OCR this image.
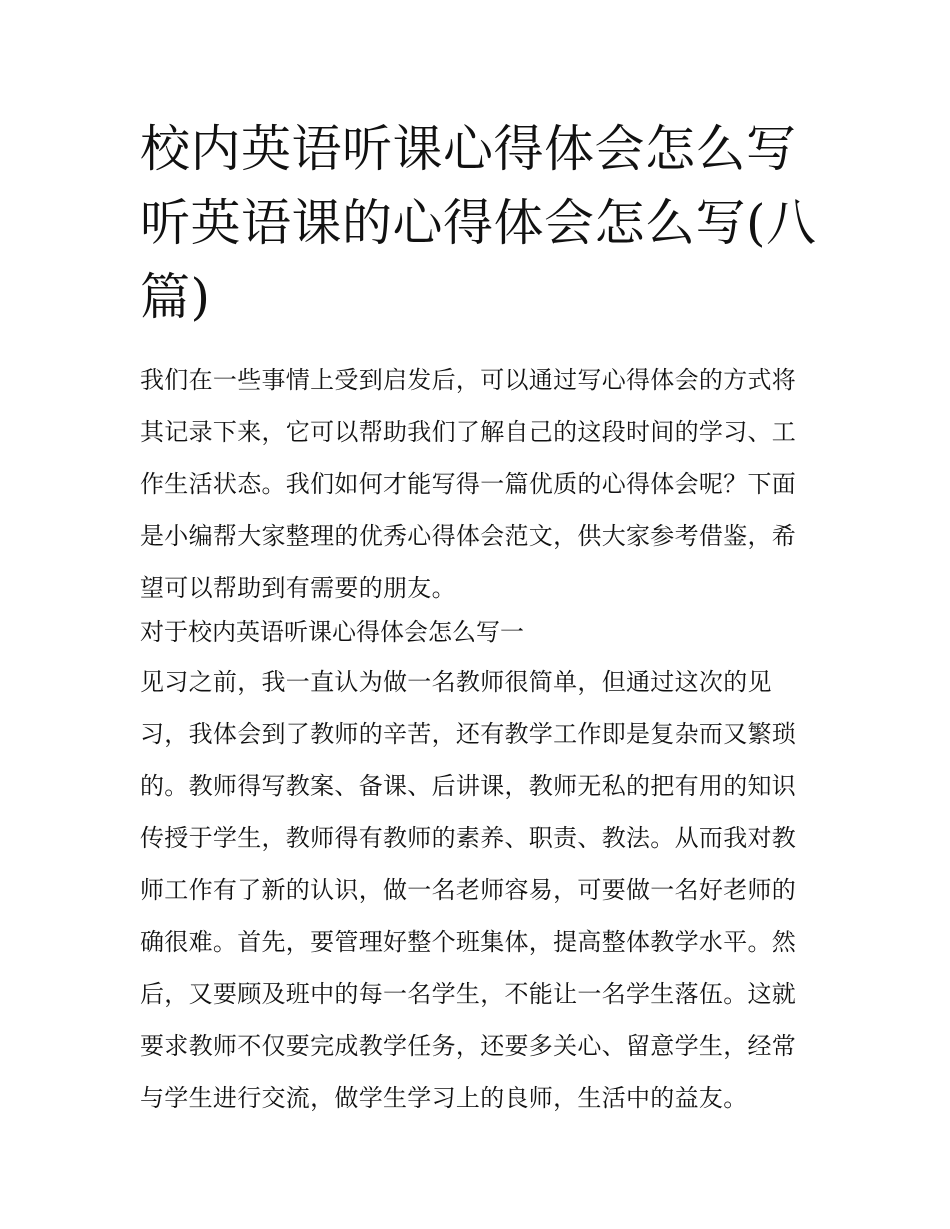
校内英语听课心得体会怎么写
听英语课的心得体会怎么写(八
篇)
我们在一些事情上受到启发后，可以通过写心得体会的方式将
其记录下来，它可以帮助我们了解自己的这段时间的学习、工
作生活状态。我们如何才能写得一篇优质的心得体会呢？下面
是小编帮大家整理的优秀心得体会范文，供大家参考借鉴，希
望可以帮助到有需要的朋友。
对于校内英语听课心得体会怎么写一
见习之前，我一直认为做一名教师很简单，但通过这次的见
习，我体会到了教师的辛苦，还有教学工作即是复杂而又繁琐
的。教师得写教案、备课、后讲课，教师无私的把有用的知识
传授于学生，教师得有教师的素养、职责、教法。从而我对教
师工作有了新的认识，做一名老师容易，可要做一名好老师的
确很难。首先，要管理好整个班集体，提高整体教学水平。然
后，又要顾及班中的每一名学生，不能让一名学生落伍。这就
要求教师不仅要完成教学任务，还要多关心、留意学生，经常
与学生进行交流，做学生学习上的良师，生活中的益友。
